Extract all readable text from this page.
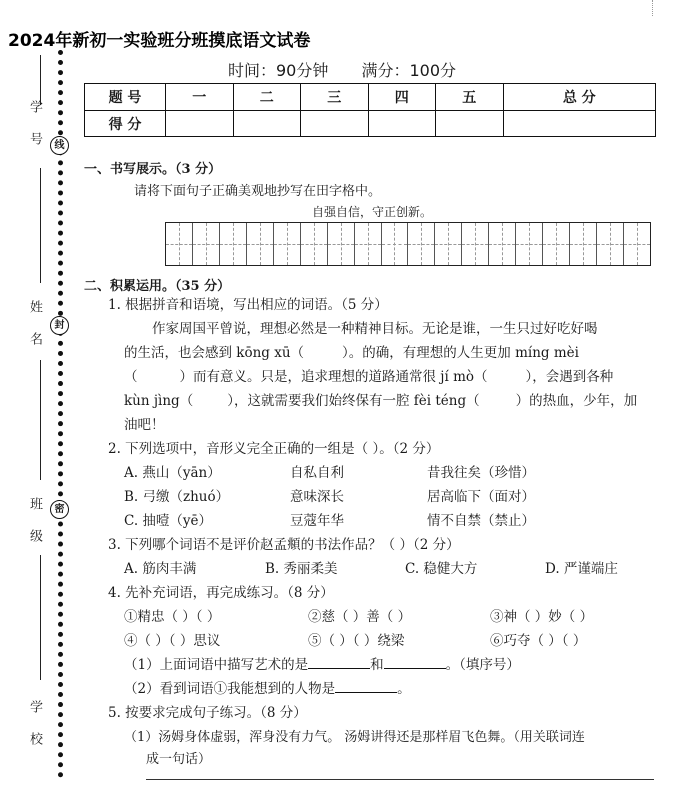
2024年新初一实验班分班摸底语文试卷
时间：90分钟 满分：100分
学 号
姓 名
班 级
学 校
线
封
密
题 号	一	二	三	四	五	总 分
得 分						
一、书写展示。（3 分）
请将下面句子正确美观地抄写在田字格中。
自强自信，守正创新。
二、积累运用。（35 分）
1. 根据拼音和语境，写出相应的词语。（5 分）
作家周国平曾说，理想必然是一种精神目标。无论是谁，一生只过好吃好喝
的生活，也会感到 kōng xū（	）。的确，有理想的人生更加 míng mèi
（	）而有意义。只是，追求理想的道路通常很 jí mò（	），会遇到各种
kùn jìng（	），这就需要我们始终保有一腔 fèi téng（	）的热血，少年，加
油吧！
2. 下列选项中，音形义完全正确的一组是（ ）。（2 分）
A. 燕山（yān）	自私自利	昔我往矣（珍惜）
B. 弓缴（zhuó）	意味深长	居高临下（面对）
C. 抽噎（yē）	豆蔻年华	情不自禁（禁止）
3. 下列哪个词语不是评价赵孟頫的书法作品？（ ）（2 分）
A. 筋肉丰满	B. 秀丽柔美	C. 稳健大方	D. 严谨端庄
4. 先补充词语，再完成练习。（8 分）
①精忠（ ）（ ）	②慈（ ）善（ ）	③神（ ）妙（ ）
④（ ）（ ）思议	⑤（ ）（ ）绕梁	⑥巧夺（ ）（ ）
（1）上面词语中描写艺术的是	和	。（填序号）
（2）看到词语①我能想到的人物是	。
5. 按要求完成句子练习。（8 分）
（1）汤姆身体虚弱，浑身没有力气。 汤姆讲得还是那样眉飞色舞。（用关联词连
成一句话）
